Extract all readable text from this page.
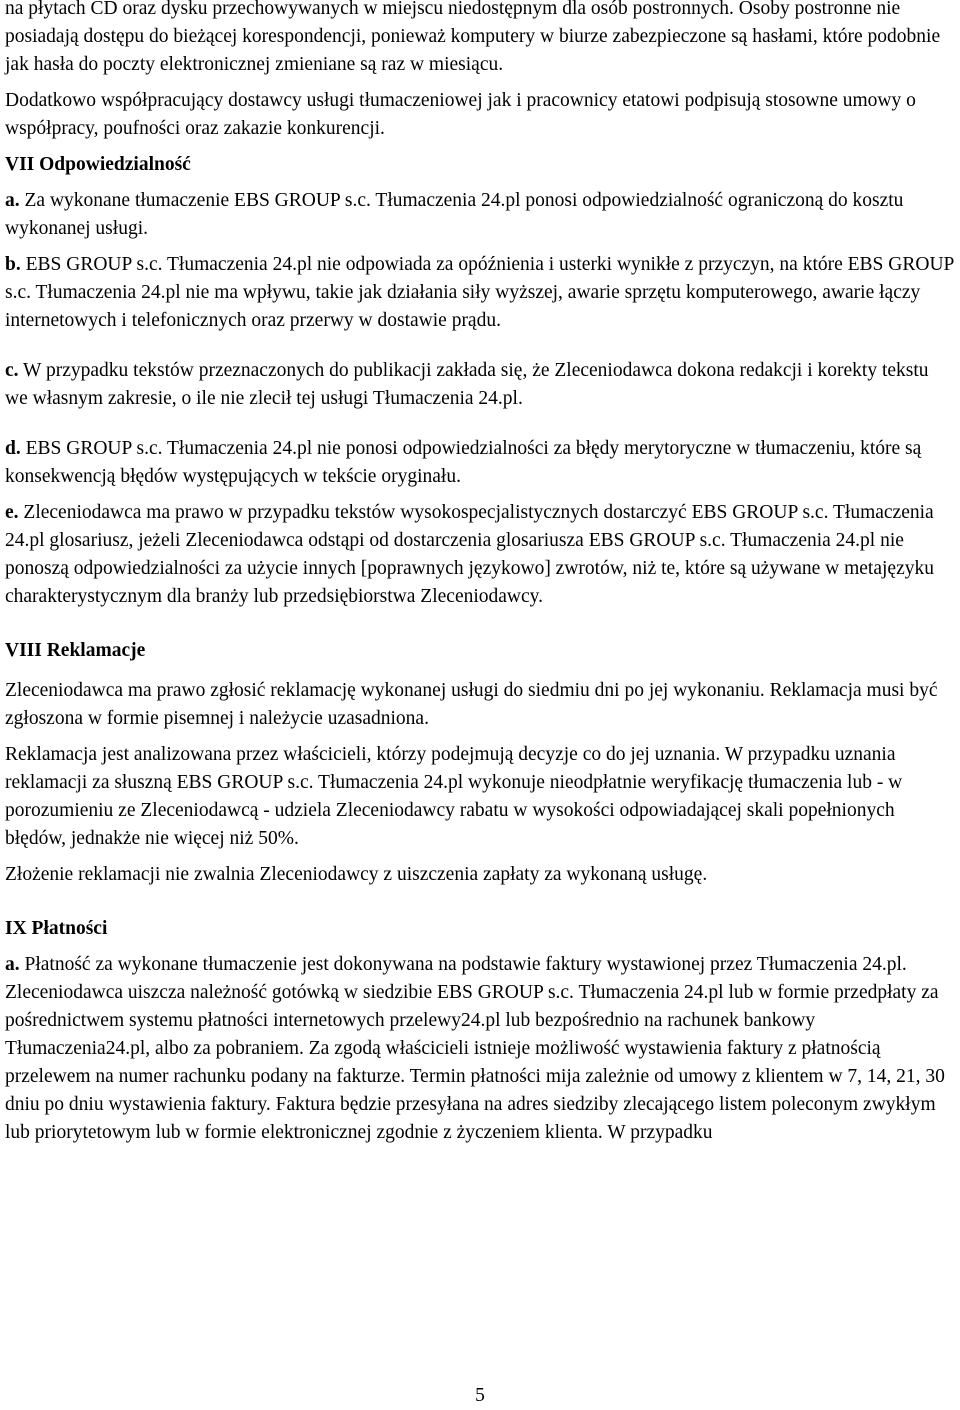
na płytach CD oraz dysku przechowywanych w miejscu niedostępnym dla osób postronnych. Osoby postronne nie posiadają dostępu do bieżącej korespondencji, ponieważ komputery w biurze zabezpieczone są hasłami, które podobnie jak hasła do poczty elektronicznej zmieniane są raz w miesiącu.

Dodatkowo współpracujący dostawcy usługi tłumaczeniowej jak i pracownicy etatowi podpisują stosowne umowy o współpracy, poufności oraz zakazie konkurencji.

VII Odpowiedzialność

a. Za wykonane tłumaczenie EBS GROUP s.c. Tłumaczenia 24.pl ponosi odpowiedzialność ograniczoną do kosztu wykonanej usługi.

b. EBS GROUP s.c. Tłumaczenia 24.pl nie odpowiada za opóźnienia i usterki wynikłe z przyczyn, na które EBS GROUP s.c. Tłumaczenia 24.pl nie ma wpływu, takie jak działania siły wyższej, awarie sprzętu komputerowego, awarie łączy internetowych i telefonicznych oraz przerwy w dostawie prądu.

c. W przypadku tekstów przeznaczonych do publikacji zakłada się, że Zleceniodawca dokona redakcji i korekty tekstu we własnym zakresie, o ile nie zlecił tej usługi Tłumaczenia 24.pl.

d. EBS GROUP s.c. Tłumaczenia 24.pl nie ponosi odpowiedzialności za błędy merytoryczne w tłumaczeniu, które są konsekwencją błędów występujących w tekście oryginału.

e. Zleceniodawca ma prawo w przypadku tekstów wysokospecjalistycznych dostarczyć EBS GROUP s.c. Tłumaczenia 24.pl glosariusz, jeżeli Zleceniodawca odstąpi od dostarczenia glosariusza EBS GROUP s.c. Tłumaczenia 24.pl nie ponoszą odpowiedzialności za użycie innych [poprawnych językowo] zwrotów, niż te, które są używane w metajęzyku charakterystycznym dla branży lub przedsiębiorstwa Zleceniodawcy.

VIII Reklamacje

Zleceniodawca ma prawo zgłosić reklamację wykonanej usługi do siedmiu dni po jej wykonaniu. Reklamacja musi być zgłoszona w formie pisemnej i należycie uzasadniona.

Reklamacja jest analizowana przez właścicieli, którzy podejmują decyzje co do jej uznania. W przypadku uznania reklamacji za słuszną EBS GROUP s.c. Tłumaczenia 24.pl wykonuje nieodpłatnie weryfikację tłumaczenia lub - w porozumieniu ze Zleceniodawcą - udziela Zleceniodawcy rabatu w wysokości odpowiadającej skali popełnionych błędów, jednakże nie więcej niż 50%.

Złożenie reklamacji nie zwalnia Zleceniodawcy z uiszczenia zapłaty za wykonaną usługę.

IX Płatności

a. Płatność za wykonane tłumaczenie jest dokonywana na podstawie faktury wystawionej przez Tłumaczenia 24.pl. Zleceniodawca uiszcza należność gotówką w siedzibie EBS GROUP s.c. Tłumaczenia 24.pl lub w formie przedpłaty za pośrednictwem systemu płatności internetowych przelewy24.pl lub bezpośrednio na rachunek bankowy Tłumaczenia24.pl, albo za pobraniem. Za zgodą właścicieli istnieje możliwość wystawienia faktury z płatnością przelewem na numer rachunku podany na fakturze. Termin płatności mija zależnie od umowy z klientem w 7, 14, 21, 30 dniu po dniu wystawienia faktury. Faktura będzie przesyłana na adres siedziby zlecającego listem poleconym zwykłym lub priorytetowym lub w formie elektronicznej zgodnie z życzeniem klienta. W przypadku

5
